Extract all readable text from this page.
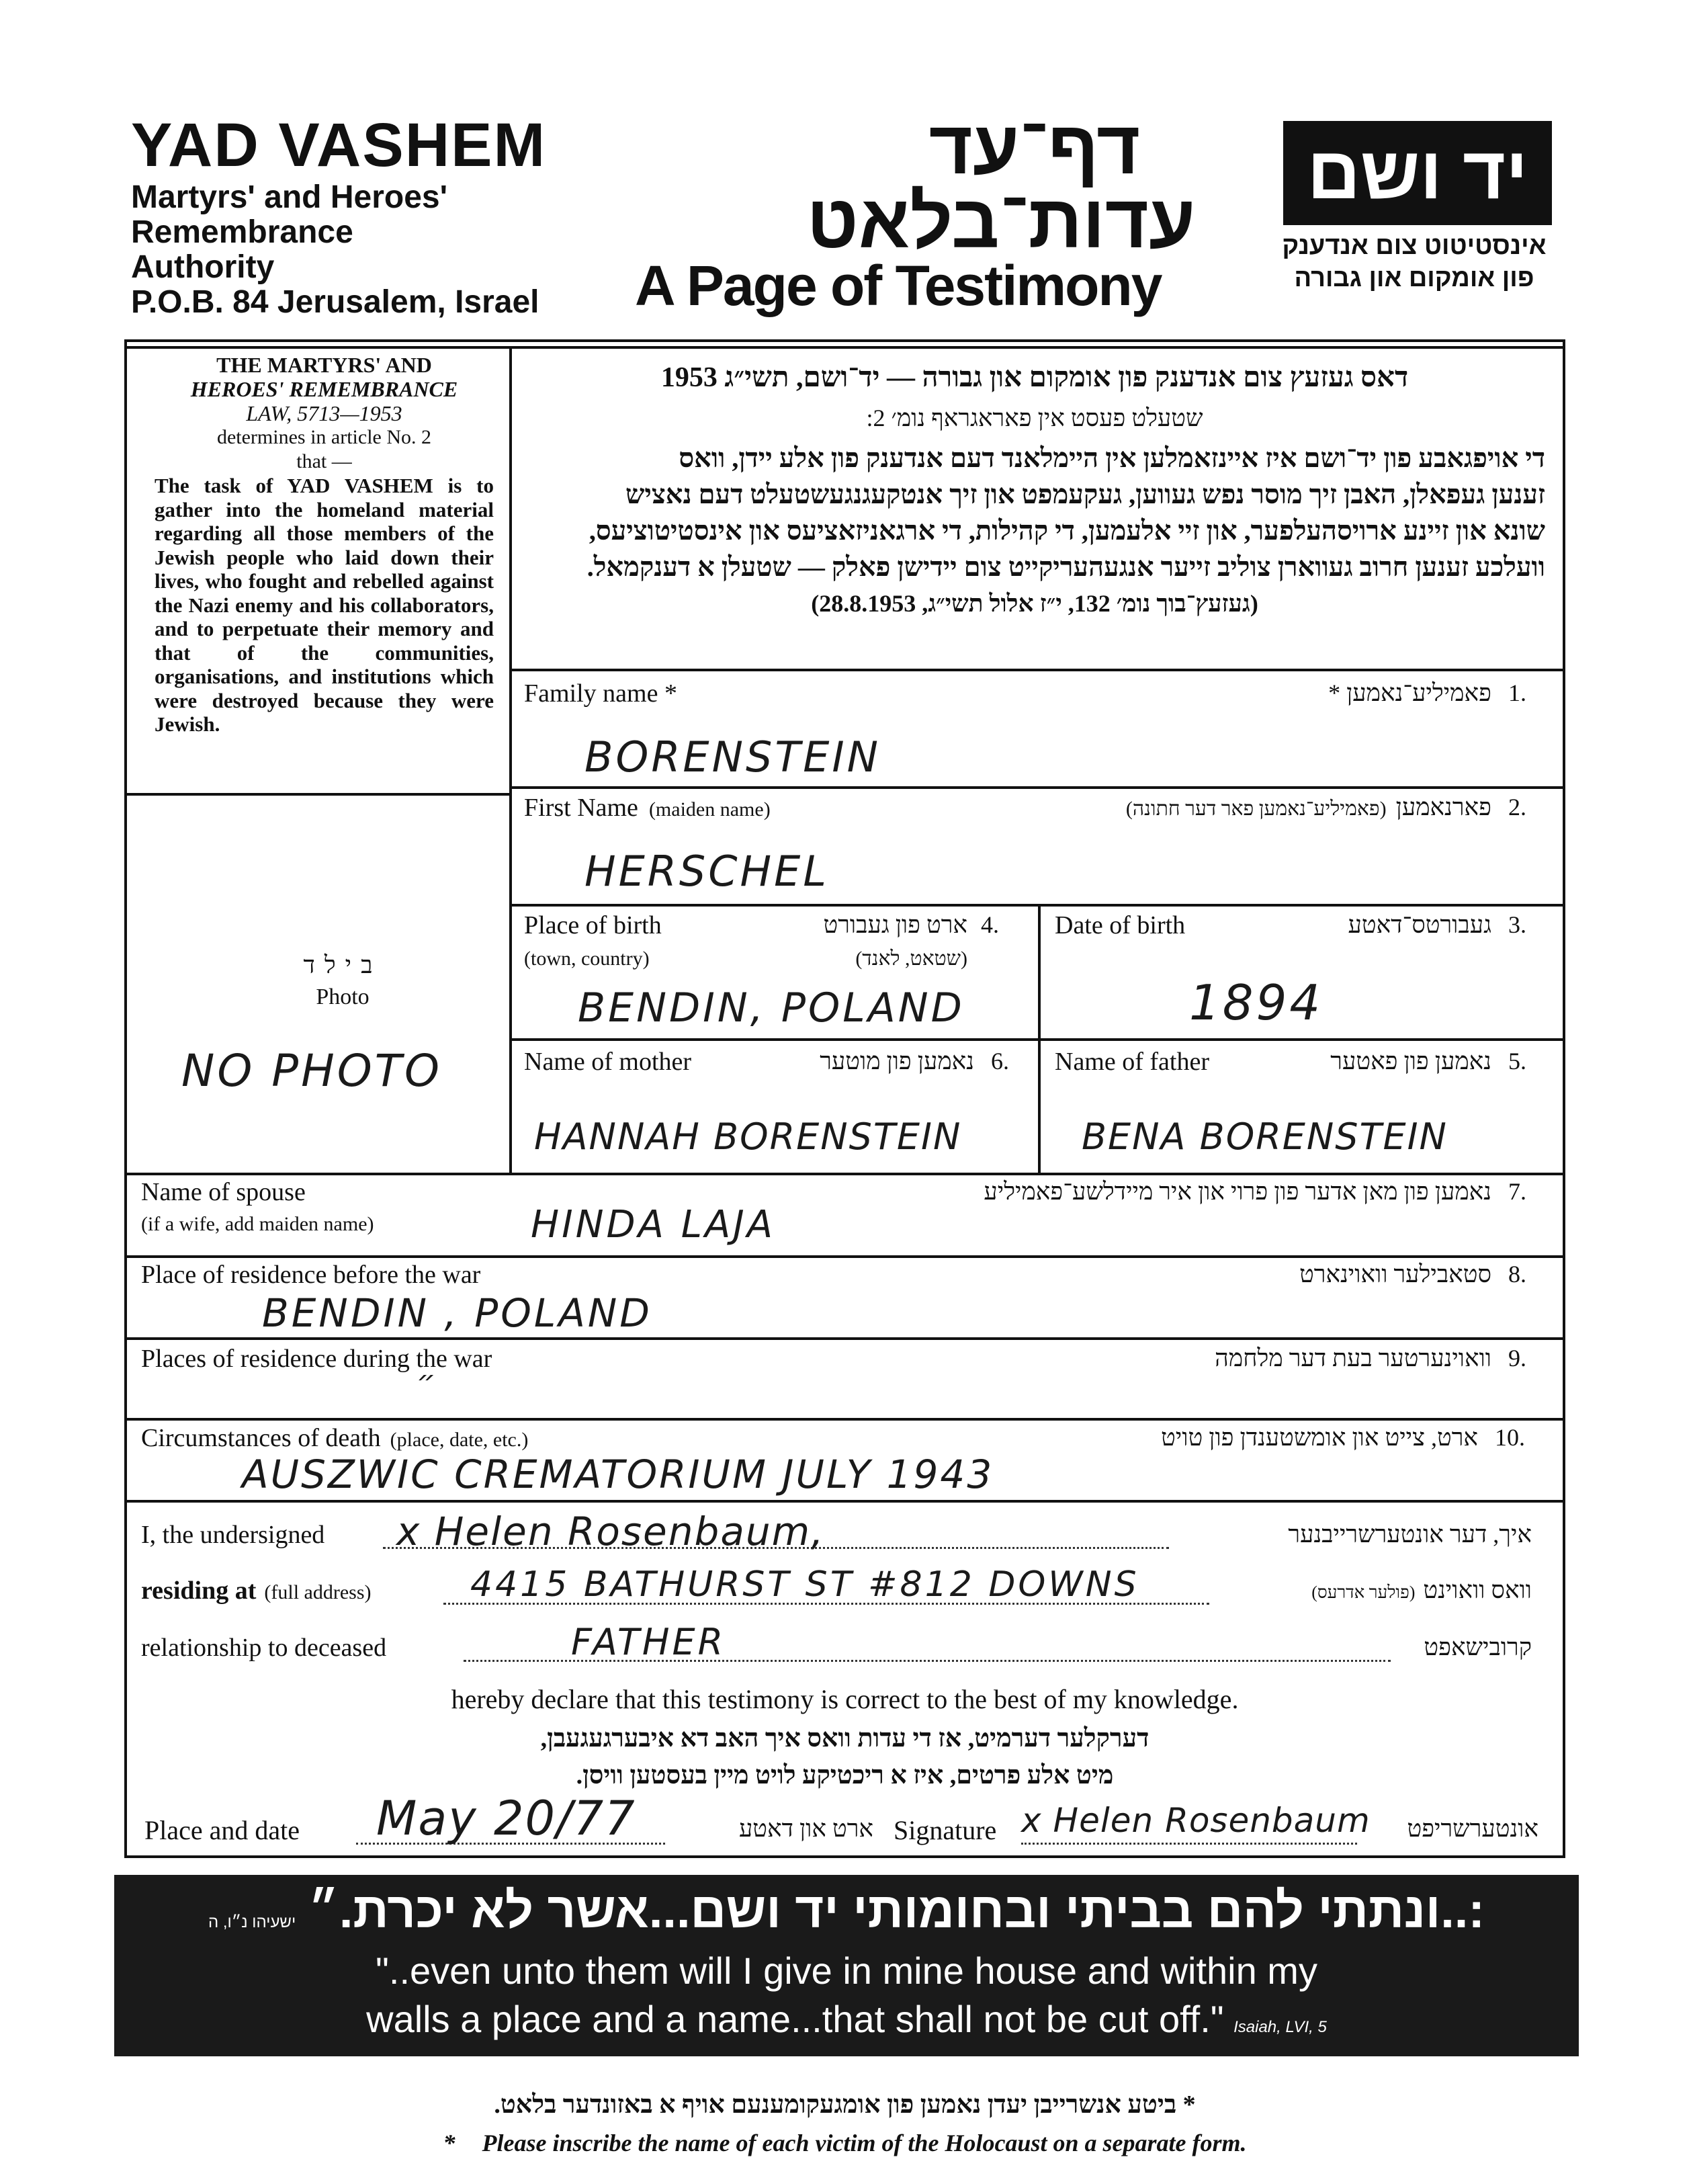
YAD VASHEM
Martyrs' and Heroes'
Remembrance
Authority
P.O.B. 84 Jerusalem, Israel
דף־עד
עדות־בלאט
A Page of Testimony
יד ושם
אינסטיטוט צום אנדענק
פון אומקום און גבורה
THE MARTYRS' AND
HEROES' REMEMBRANCE
LAW, 5713—1953
determines in article No. 2
that —
The task of YAD VASHEM is to gather into the homeland material regarding all those members of the Jewish people who laid down their lives, who fought and rebelled against the Nazi enemy and his collaborators, and to perpetuate their memory and that of the communities, organisations, and institutions which were destroyed because they were Jewish.
בילד
Photo
NO PHOTO
דאס געזעץ צום אנדענק פון אומקום און גבורה — יד־ושם, תשי״ג 1953
שטעלט פעסט אין פאראגראף נומ׳ 2:
די אויפגאבע פון יד־ושם איז איינזאמלען אין היימלאנד דעם אנדענק פון אלע יידן, וואס
זענען געפאלן, האבן זיך מוסר נפש געווען, געקעמפט און זיך אנטקעגנגעשטעלט דעם נאציש
שונא און זיינע ארויסהעלפער, און זיי אלעמען, די קהילות, די ארגאניזאציעס און אינסטיטוציעס,
וועלכע זענען חרוב געווארן צוליב זייער אנגעהעריקייט צום יידישן פאלק — שטעלן א דענקמאל.
(געזעץ־בוך נומ׳ 132, י״ז אלול תשי״ג, 28.8.1953)
Family name *	פאמיליע־נאמען * 1.
BORENSTEIN
First Name (maiden name)	פארנאמען (פאמיליע־נאמען פאר דער חתונה)	2.
HERSCHEL
Place of birth
(town, country)
ארט פון געבורט
(שטאט, לאנד)
4.
BENDIN, POLAND
Date of birth	געבורטס־דאטע 3.
1894
Name of mother	נאמען פון מוטער 6.
HANNAH BORENSTEIN
Name of father	נאמען פון פאטער 5.
BENA BORENSTEIN
Name of spouse
(if a wife, add maiden name)
נאמען פון מאן אדער פון פרוי און איר מיידלשע־פאמיליע 7.
HINDA LAJA
Place of residence before the war	סטאבילער וואוינארט 8.
BENDIN , POLAND
Places of residence during the war	וואוינערטער בעת דער מלחמה 9.
״
Circumstances of death (place, date, etc.)	ארט, צייט און אומשטענדן פון טויט 10.
AUSZWIC CREMATORIUM JULY 1943
I, the undersigned x Helen Rosenbaum,	איך, דער אונטערשרייבנער
residing at (full address)	4415 BATHURST ST #812 DOWNS	וואס וואוינט (פולער אדרעס)
relationship to deceased	FATHER	קרובישאפט
hereby declare that this testimony is correct to the best of my knowledge.
דערקלער דערמיט, אז די עדות וואס איך האב דא איבערגעגעבן,
מיט אלע פרטים, איז א ריכטיקע לויט מיין בעסטען וויסן.
Place and date May 20/77	ארט און דאטע Signature x Helen Rosenbaum	אונטערשריפט
:..ונתתי להם בביתי ובחומותי יד ושם...אשר לא יכרת.״ ישעיהו נ״ו, ה
"..even unto them will I give in mine house and within my
walls a place and a name...that shall not be cut off." Isaiah, LVI, 5
* ביטע אנשרייבן יעדן נאמען פון אומגעקומענעם אויף א באזונדער בלאט.
* Please inscribe the name of each victim of the Holocaust on a separate form.
